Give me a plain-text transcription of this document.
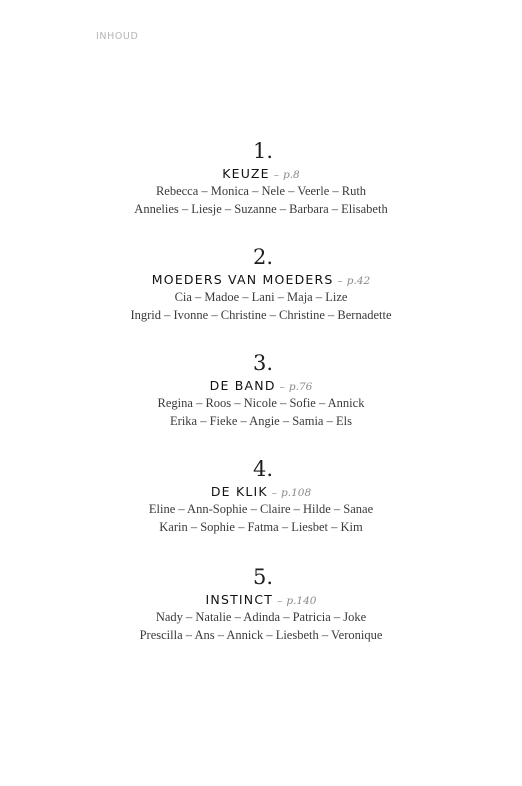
INHOUD
1.
KEUZE – p.8
Rebecca – Monica – Nele – Veerle – Ruth
Annelies – Liesje – Suzanne – Barbara – Elisabeth
2.
MOEDERS VAN MOEDERS – p.42
Cia – Madoe – Lani – Maja – Lize
Ingrid – Ivonne – Christine – Christine – Bernadette
3.
DE BAND – p.76
Regina – Roos – Nicole – Sofie – Annick
Erika – Fieke – Angie – Samia – Els
4.
DE KLIK – p.108
Eline – Ann-Sophie – Claire – Hilde – Sanae
Karin – Sophie – Fatma – Liesbet – Kim
5.
INSTINCT – p.140
Nady – Natalie – Adinda – Patricia – Joke
Prescilla – Ans – Annick – Liesbeth – Veronique
